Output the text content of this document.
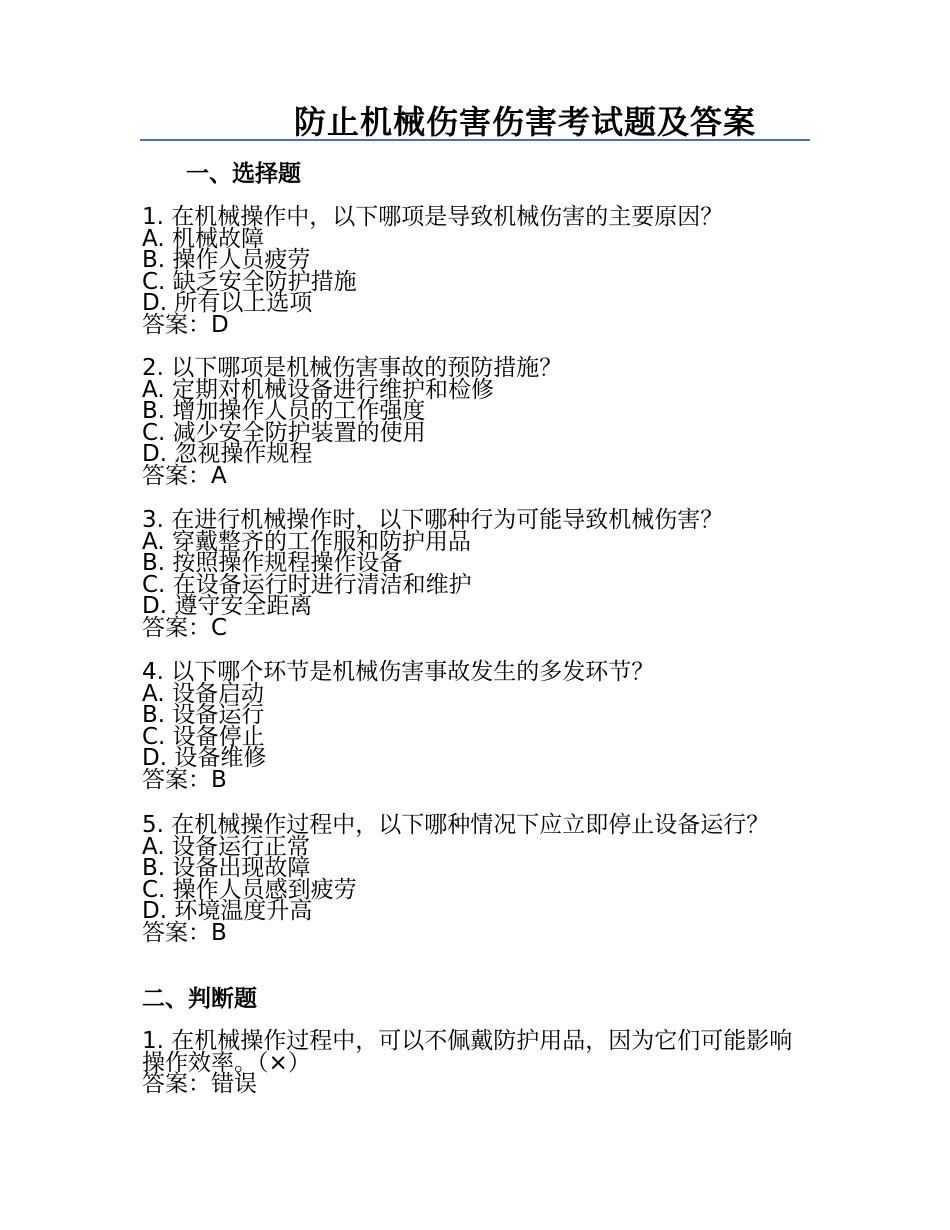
防止机械伤害伤害考试题及答案
一、选择题
1. 在机械操作中，以下哪项是导致机械伤害的主要原因？
A. 机械故障
B. 操作人员疲劳
C. 缺乏安全防护措施
D. 所有以上选项
答案：D
2. 以下哪项是机械伤害事故的预防措施？
A. 定期对机械设备进行维护和检修
B. 增加操作人员的工作强度
C. 减少安全防护装置的使用
D. 忽视操作规程
答案：A
3. 在进行机械操作时，以下哪种行为可能导致机械伤害？
A. 穿戴整齐的工作服和防护用品
B. 按照操作规程操作设备
C. 在设备运行时进行清洁和维护
D. 遵守安全距离
答案：C
4. 以下哪个环节是机械伤害事故发生的多发环节？
A. 设备启动
B. 设备运行
C. 设备停止
D. 设备维修
答案：B
5. 在机械操作过程中，以下哪种情况下应立即停止设备运行？
A. 设备运行正常
B. 设备出现故障
C. 操作人员感到疲劳
D. 环境温度升高
答案：B
二、判断题
1. 在机械操作过程中，可以不佩戴防护用品，因为它们可能影响操作效率。（×）
答案：错误
